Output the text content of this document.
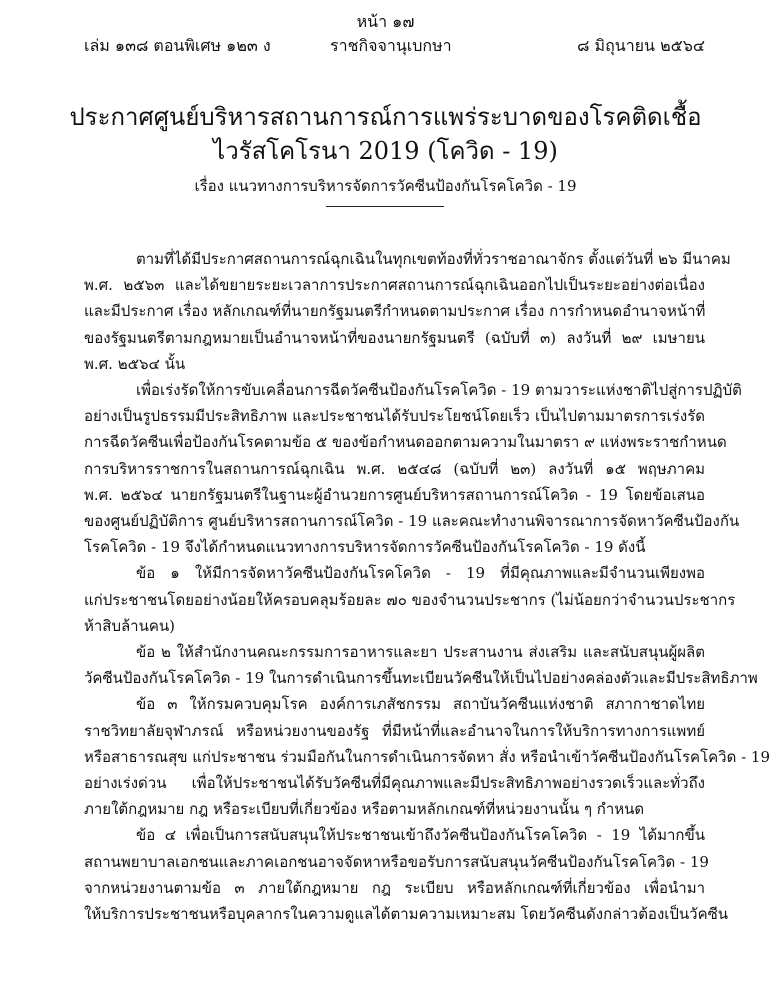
หน้า ๑๗
เล่ม ๑๓๘ ตอนพิเศษ ๑๒๓ ง	ราชกิจจานุเบกษา	๘ มิถุนายน ๒๕๖๔
ประกาศศูนย์บริหารสถานการณ์การแพร่ระบาดของโรคติดเชื้อ
ไวรัสโคโรนา 2019 (โควิด - 19)
เรื่อง แนวทางการบริหารจัดการวัคซีนป้องกันโรคโควิด - 19
ตามที่ได้มีประกาศสถานการณ์ฉุกเฉินในทุกเขตท้องที่ทั่วราชอาณาจักร ตั้งแต่วันที่ ๒๖ มีนาคม
พ.ศ. ๒๕๖๓ และได้ขยายระยะเวลาการประกาศสถานการณ์ฉุกเฉินออกไปเป็นระยะอย่างต่อเนื่อง
และมีประกาศ เรื่อง หลักเกณฑ์ที่นายกรัฐมนตรีกำหนดตามประกาศ เรื่อง การกำหนดอำนาจหน้าที่
ของรัฐมนตรีตามกฎหมายเป็นอำนาจหน้าที่ของนายกรัฐมนตรี (ฉบับที่ ๓) ลงวันที่ ๒๙ เมษายน
พ.ศ. ๒๕๖๔ นั้น
เพื่อเร่งรัดให้การขับเคลื่อนการฉีดวัคซีนป้องกันโรคโควิด - 19 ตามวาระแห่งชาติไปสู่การปฏิบัติ
อย่างเป็นรูปธรรมมีประสิทธิภาพ และประชาชนได้รับประโยชน์โดยเร็ว เป็นไปตามมาตรการเร่งรัด
การฉีดวัคซีนเพื่อป้องกันโรคตามข้อ ๕ ของข้อกำหนดออกตามความในมาตรา ๙ แห่งพระราชกำหนด
การบริหารราชการในสถานการณ์ฉุกเฉิน พ.ศ. ๒๕๔๘ (ฉบับที่ ๒๓) ลงวันที่ ๑๕ พฤษภาคม
พ.ศ. ๒๕๖๔ นายกรัฐมนตรีในฐานะผู้อำนวยการศูนย์บริหารสถานการณ์โควิด - 19 โดยข้อเสนอ
ของศูนย์ปฏิบัติการ ศูนย์บริหารสถานการณ์โควิด - 19 และคณะทำงานพิจารณาการจัดหาวัคซีนป้องกัน
โรคโควิด - 19 จึงได้กำหนดแนวทางการบริหารจัดการวัคซีนป้องกันโรคโควิด - 19 ดังนี้
ข้อ ๑ ให้มีการจัดหาวัคซีนป้องกันโรคโควิด - 19 ที่มีคุณภาพและมีจำนวนเพียงพอ
แก่ประชาชนโดยอย่างน้อยให้ครอบคลุมร้อยละ ๗๐ ของจำนวนประชากร (ไม่น้อยกว่าจำนวนประชากร
ห้าสิบล้านคน)
ข้อ ๒ ให้สำนักงานคณะกรรมการอาหารและยา ประสานงาน ส่งเสริม และสนับสนุนผู้ผลิต
วัคซีนป้องกันโรคโควิด - 19 ในการดำเนินการขึ้นทะเบียนวัคซีนให้เป็นไปอย่างคล่องตัวและมีประสิทธิภาพ
ข้อ ๓ ให้กรมควบคุมโรค องค์การเภสัชกรรม สถาบันวัคซีนแห่งชาติ สภากาชาดไทย
ราชวิทยาลัยจุฬาภรณ์ หรือหน่วยงานของรัฐ ที่มีหน้าที่และอำนาจในการให้บริการทางการแพทย์
หรือสาธารณสุข แก่ประชาชน ร่วมมือกันในการดำเนินการจัดหา สั่ง หรือนำเข้าวัคซีนป้องกันโรคโควิด - 19
อย่างเร่งด่วน เพื่อให้ประชาชนได้รับวัคซีนที่มีคุณภาพและมีประสิทธิภาพอย่างรวดเร็วและทั่วถึง
ภายใต้กฎหมาย กฎ หรือระเบียบที่เกี่ยวข้อง หรือตามหลักเกณฑ์ที่หน่วยงานนั้น ๆ กำหนด
ข้อ ๔ เพื่อเป็นการสนับสนุนให้ประชาชนเข้าถึงวัคซีนป้องกันโรคโควิด - 19 ได้มากขึ้น
สถานพยาบาลเอกชนและภาคเอกชนอาจจัดหาหรือขอรับการสนับสนุนวัคซีนป้องกันโรคโควิด - 19
จากหน่วยงานตามข้อ ๓ ภายใต้กฎหมาย กฎ ระเบียบ หรือหลักเกณฑ์ที่เกี่ยวข้อง เพื่อนำมา
ให้บริการประชาชนหรือบุคลากรในความดูแลได้ตามความเหมาะสม โดยวัคซีนดังกล่าวต้องเป็นวัคซีน
